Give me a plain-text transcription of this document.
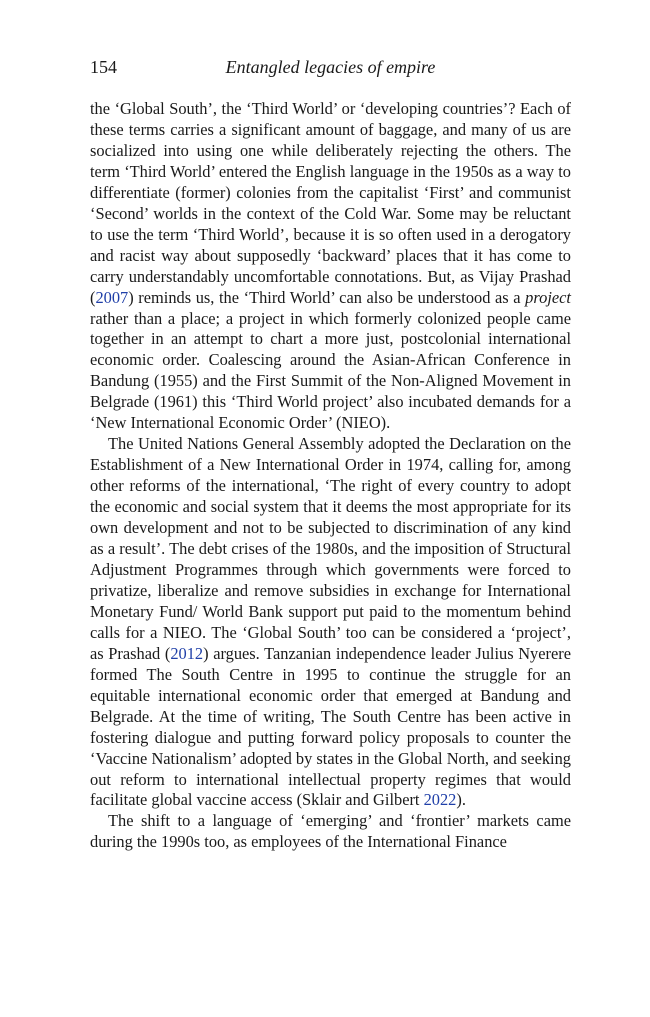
154	Entangled legacies of empire

the ‘Global South’, the ‘Third World’ or ‘developing countries’? Each of these terms carries a significant amount of baggage, and many of us are socialized into using one while deliberately rejecting the others. The term ‘Third World’ entered the English language in the 1950s as a way to differentiate (former) colonies from the capitalist ‘First’ and communist ‘Second’ worlds in the context of the Cold War. Some may be reluctant to use the term ‘Third World’, because it is so often used in a derogatory and racist way about supposedly ‘backward’ places that it has come to carry understandably uncomfortable connotations. But, as Vijay Prashad (2007) reminds us, the ‘Third World’ can also be understood as a project rather than a place; a project in which formerly colonized people came together in an attempt to chart a more just, postcolonial international economic order. Coalescing around the Asian-African Conference in Bandung (1955) and the First Summit of the Non-Aligned Movement in Belgrade (1961) this ‘Third World project’ also incubated demands for a ‘New International Economic Order’ (NIEO).

The United Nations General Assembly adopted the Declaration on the Establishment of a New International Order in 1974, calling for, among other reforms of the international, ‘The right of every country to adopt the economic and social system that it deems the most appropriate for its own development and not to be subjected to discrimination of any kind as a result’. The debt crises of the 1980s, and the imposition of Structural Adjustment Programmes through which governments were forced to privatize, liberalize and remove subsidies in exchange for International Monetary Fund/ World Bank support put paid to the momentum behind calls for a NIEO. The ‘Global South’ too can be considered a ‘project’, as Prashad (2012) argues. Tanzanian independence leader Julius Nyerere formed The South Centre in 1995 to continue the struggle for an equitable international economic order that emerged at Bandung and Belgrade. At the time of writing, The South Centre has been active in fostering dialogue and putting forward policy proposals to counter the ‘Vaccine Nationalism’ adopted by states in the Global North, and seeking out reform to international intellectual property regimes that would facilitate global vaccine access (Sklair and Gilbert 2022).

The shift to a language of ‘emerging’ and ‘frontier’ markets came during the 1990s too, as employees of the International Finance
